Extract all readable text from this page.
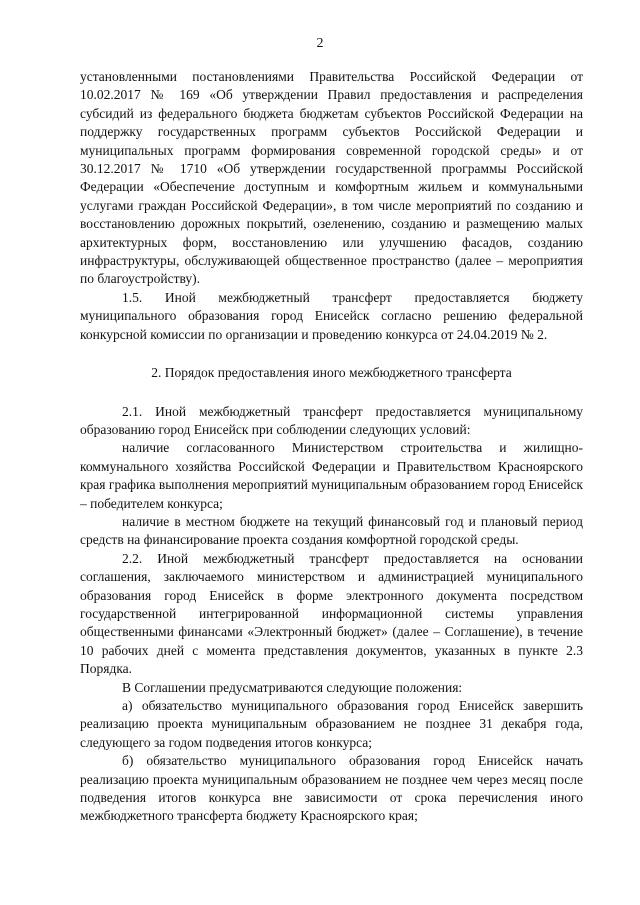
2

установленными постановлениями Правительства Российской Федерации от 10.02.2017 № 169 «Об утверждении Правил предоставления и распределения субсидий из федерального бюджета бюджетам субъектов Российской Федерации на поддержку государственных программ субъектов Российской Федерации и муниципальных программ формирования современной городской среды» и от 30.12.2017 № 1710 «Об утверждении государственной программы Российской Федерации «Обеспечение доступным и комфортным жильем и коммунальными услугами граждан Российской Федерации», в том числе мероприятий по созданию и восстановлению дорожных покрытий, озеленению, созданию и размещению малых архитектурных форм, восстановлению или улучшению фасадов, созданию инфраструктуры, обслуживающей общественное пространство (далее – мероприятия по благоустройству).

1.5. Иной межбюджетный трансферт предоставляется бюджету муниципального образования город Енисейск согласно решению федеральной конкурсной комиссии по организации и проведению конкурса от 24.04.2019 № 2.

2. Порядок предоставления иного межбюджетного трансферта

2.1. Иной межбюджетный трансферт предоставляется муниципальному образованию город Енисейск при соблюдении следующих условий:

наличие согласованного Министерством строительства и жилищно-коммунального хозяйства Российской Федерации и Правительством Красноярского края графика выполнения мероприятий муниципальным образованием город Енисейск – победителем конкурса;

наличие в местном бюджете на текущий финансовый год и плановый период средств на финансирование проекта создания комфортной городской среды.

2.2. Иной межбюджетный трансферт предоставляется на основании соглашения, заключаемого министерством и администрацией муниципального образования город Енисейск в форме электронного документа посредством государственной интегрированной информационной системы управления общественными финансами «Электронный бюджет» (далее – Соглашение), в течение 10 рабочих дней с момента представления документов, указанных в пункте 2.3 Порядка.

В Соглашении предусматриваются следующие положения:

а) обязательство муниципального образования город Енисейск завершить реализацию проекта муниципальным образованием не позднее 31 декабря года, следующего за годом подведения итогов конкурса;

б) обязательство муниципального образования город Енисейск начать реализацию проекта муниципальным образованием не позднее чем через месяц после подведения итогов конкурса вне зависимости от срока перечисления иного межбюджетного трансферта бюджету Красноярского края;
